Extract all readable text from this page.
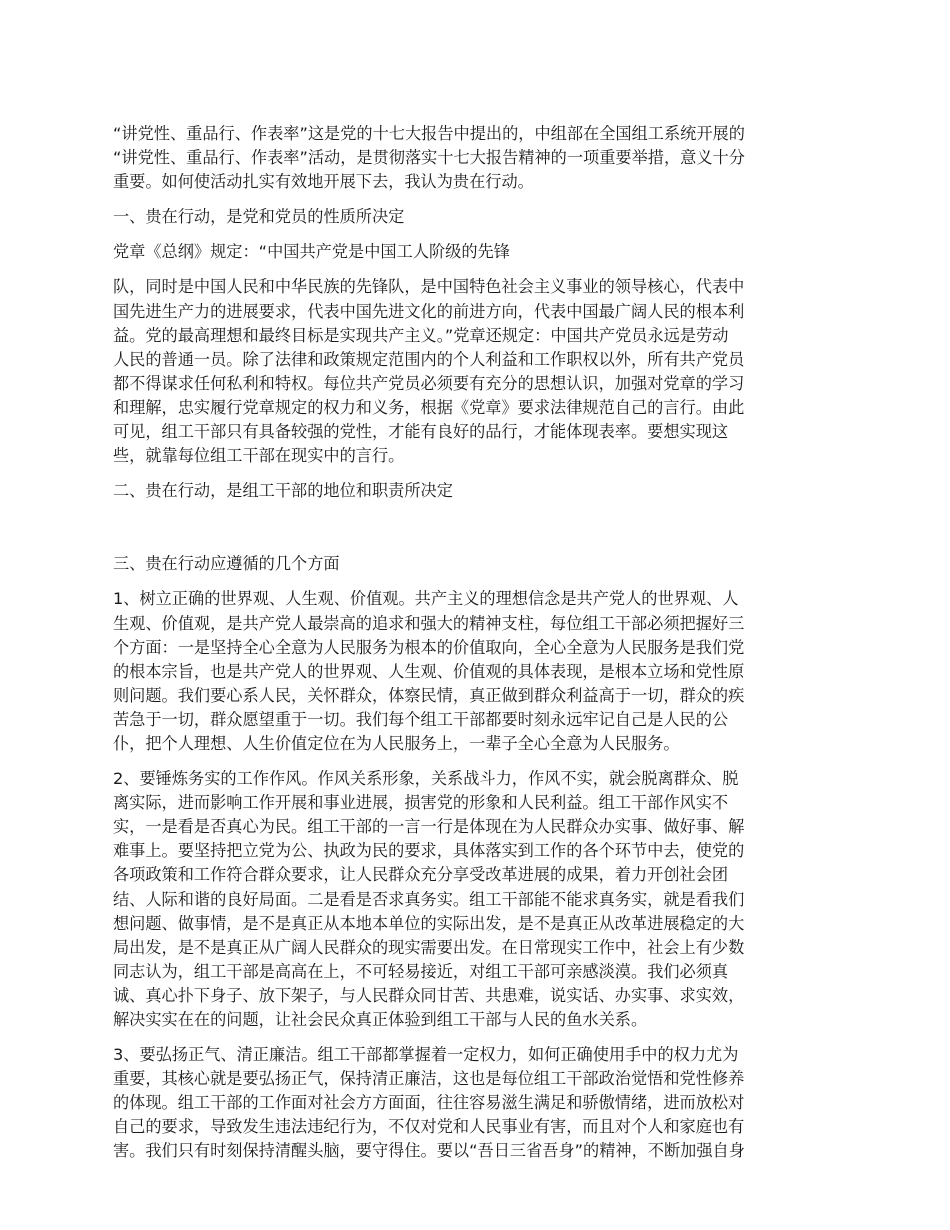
“讲党性、重品行、作表率”这是党的十七大报告中提出的，中组部在全国组工系统开展的
“讲党性、重品行、作表率”活动，是贯彻落实十七大报告精神的一项重要举措，意义十分
重要。如何使活动扎实有效地开展下去，我认为贵在行动。

一、贵在行动，是党和党员的性质所决定

党章《总纲》规定：“中国共产党是中国工人阶级的先锋

队，同时是中国人民和中华民族的先锋队，是中国特色社会主义事业的领导核心，代表中
国先进生产力的进展要求，代表中国先进文化的前进方向，代表中国最广阔人民的根本利
益。党的最高理想和最终目标是实现共产主义。”党章还规定：中国共产党员永远是劳动
人民的普通一员。除了法律和政策规定范围内的个人利益和工作职权以外，所有共产党员
都不得谋求任何私利和特权。每位共产党员必须要有充分的思想认识，加强对党章的学习
和理解，忠实履行党章规定的权力和义务，根据《党章》要求法律规范自己的言行。由此
可见，组工干部只有具备较强的党性，才能有良好的品行，才能体现表率。要想实现这
些，就靠每位组工干部在现实中的言行。

二、贵在行动，是组工干部的地位和职责所决定

三、贵在行动应遵循的几个方面

1、树立正确的世界观、人生观、价值观。共产主义的理想信念是共产党人的世界观、人
生观、价值观，是共产党人最崇高的追求和强大的精神支柱，每位组工干部必须把握好三
个方面：一是坚持全心全意为人民服务为根本的价值取向，全心全意为人民服务是我们党
的根本宗旨，也是共产党人的世界观、人生观、价值观的具体表现，是根本立场和党性原
则问题。我们要心系人民，关怀群众，体察民情，真正做到群众利益高于一切，群众的疾
苦急于一切，群众愿望重于一切。我们每个组工干部都要时刻永远牢记自己是人民的公
仆，把个人理想、人生价值定位在为人民服务上，一辈子全心全意为人民服务。

2、要锤炼务实的工作作风。作风关系形象，关系战斗力，作风不实，就会脱离群众、脱
离实际，进而影响工作开展和事业进展，损害党的形象和人民利益。组工干部作风实不
实，一是看是否真心为民。组工干部的一言一行是体现在为人民群众办实事、做好事、解
难事上。要坚持把立党为公、执政为民的要求，具体落实到工作的各个环节中去，使党的
各项政策和工作符合群众要求，让人民群众充分享受改革进展的成果，着力开创社会团
结、人际和谐的良好局面。二是看是否求真务实。组工干部能不能求真务实，就是看我们
想问题、做事情，是不是真正从本地本单位的实际出发，是不是真正从改革进展稳定的大
局出发，是不是真正从广阔人民群众的现实需要出发。在日常现实工作中，社会上有少数
同志认为，组工干部是高高在上，不可轻易接近，对组工干部可亲感淡漠。我们必须真
诚、真心扑下身子、放下架子，与人民群众同甘苦、共患难，说实话、办实事、求实效，
解决实实在在的问题，让社会民众真正体验到组工干部与人民的鱼水关系。

3、要弘扬正气、清正廉洁。组工干部都掌握着一定权力，如何正确使用手中的权力尤为
重要，其核心就是要弘扬正气，保持清正廉洁，这也是每位组工干部政治觉悟和党性修养
的体现。组工干部的工作面对社会方方面面，往往容易滋生满足和骄傲情绪，进而放松对
自己的要求，导致发生违法违纪行为，不仅对党和人民事业有害，而且对个人和家庭也有
害。我们只有时刻保持清醒头脑，要守得住。要以“吾日三省吾身”的精神，不断加强自身
